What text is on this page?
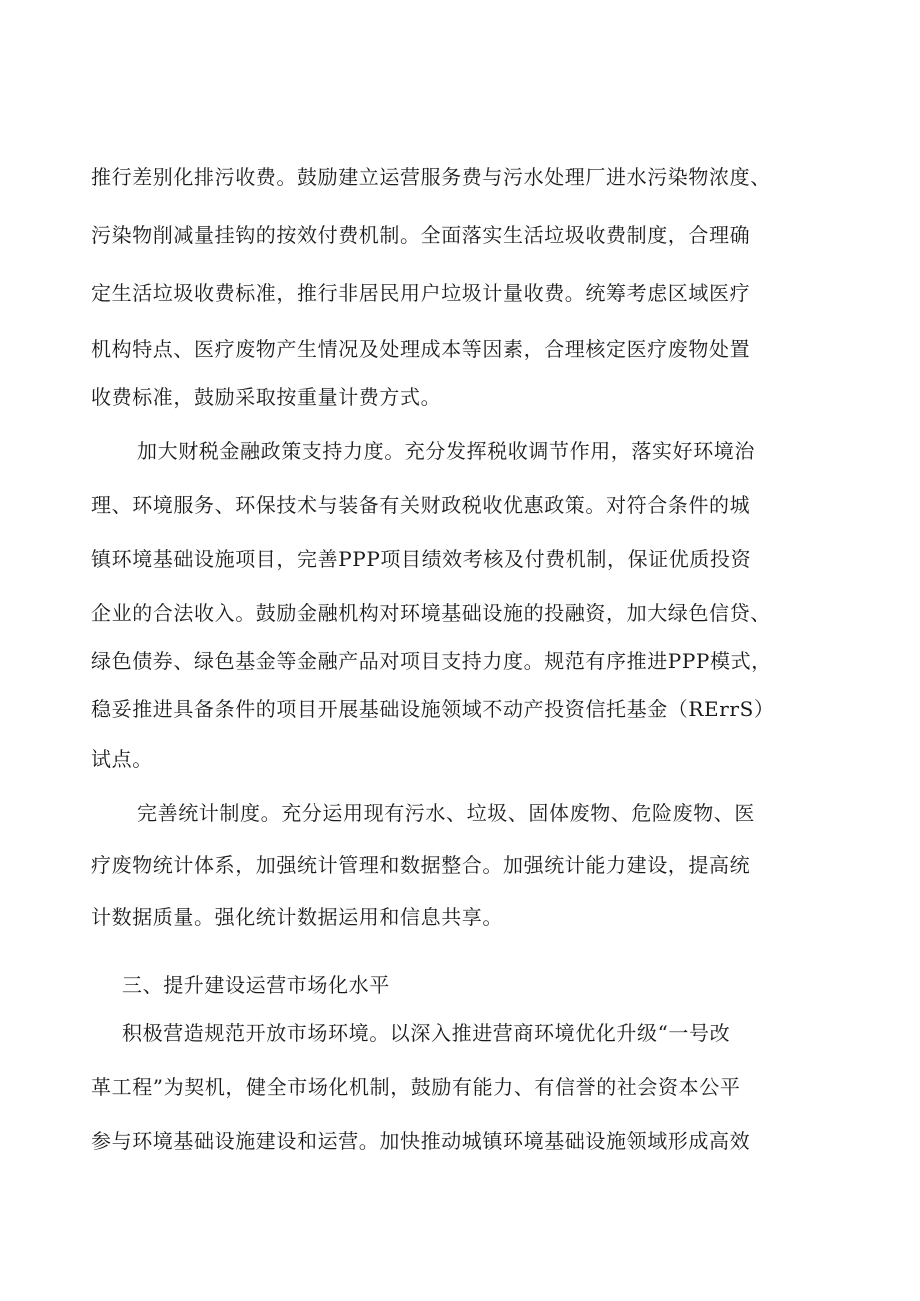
推行差别化排污收费。鼓励建立运营服务费与污水处理厂进水污染物浓度、
污染物削减量挂钩的按效付费机制。全面落实生活垃圾收费制度，合理确
定生活垃圾收费标准，推行非居民用户垃圾计量收费。统筹考虑区域医疗
机构特点、医疗废物产生情况及处理成本等因素，合理核定医疗废物处置
收费标准，鼓励采取按重量计费方式。
加大财税金融政策支持力度。充分发挥税收调节作用，落实好环境治
理、环境服务、环保技术与装备有关财政税收优惠政策。对符合条件的城
镇环境基础设施项目，完善PPP项目绩效考核及付费机制，保证优质投资
企业的合法收入。鼓励金融机构对环境基础设施的投融资，加大绿色信贷、
绿色债券、绿色基金等金融产品对项目支持力度。规范有序推进PPP模式，
稳妥推进具备条件的项目开展基础设施领域不动产投资信托基金（RErrS）
试点。
完善统计制度。充分运用现有污水、垃圾、固体废物、危险废物、医
疗废物统计体系，加强统计管理和数据整合。加强统计能力建设，提高统
计数据质量。强化统计数据运用和信息共享。
三、提升建设运营市场化水平
积极营造规范开放市场环境。以深入推进营商环境优化升级“一号改
革工程”为契机，健全市场化机制，鼓励有能力、有信誉的社会资本公平
参与环境基础设施建设和运营。加快推动城镇环境基础设施领域形成高效
